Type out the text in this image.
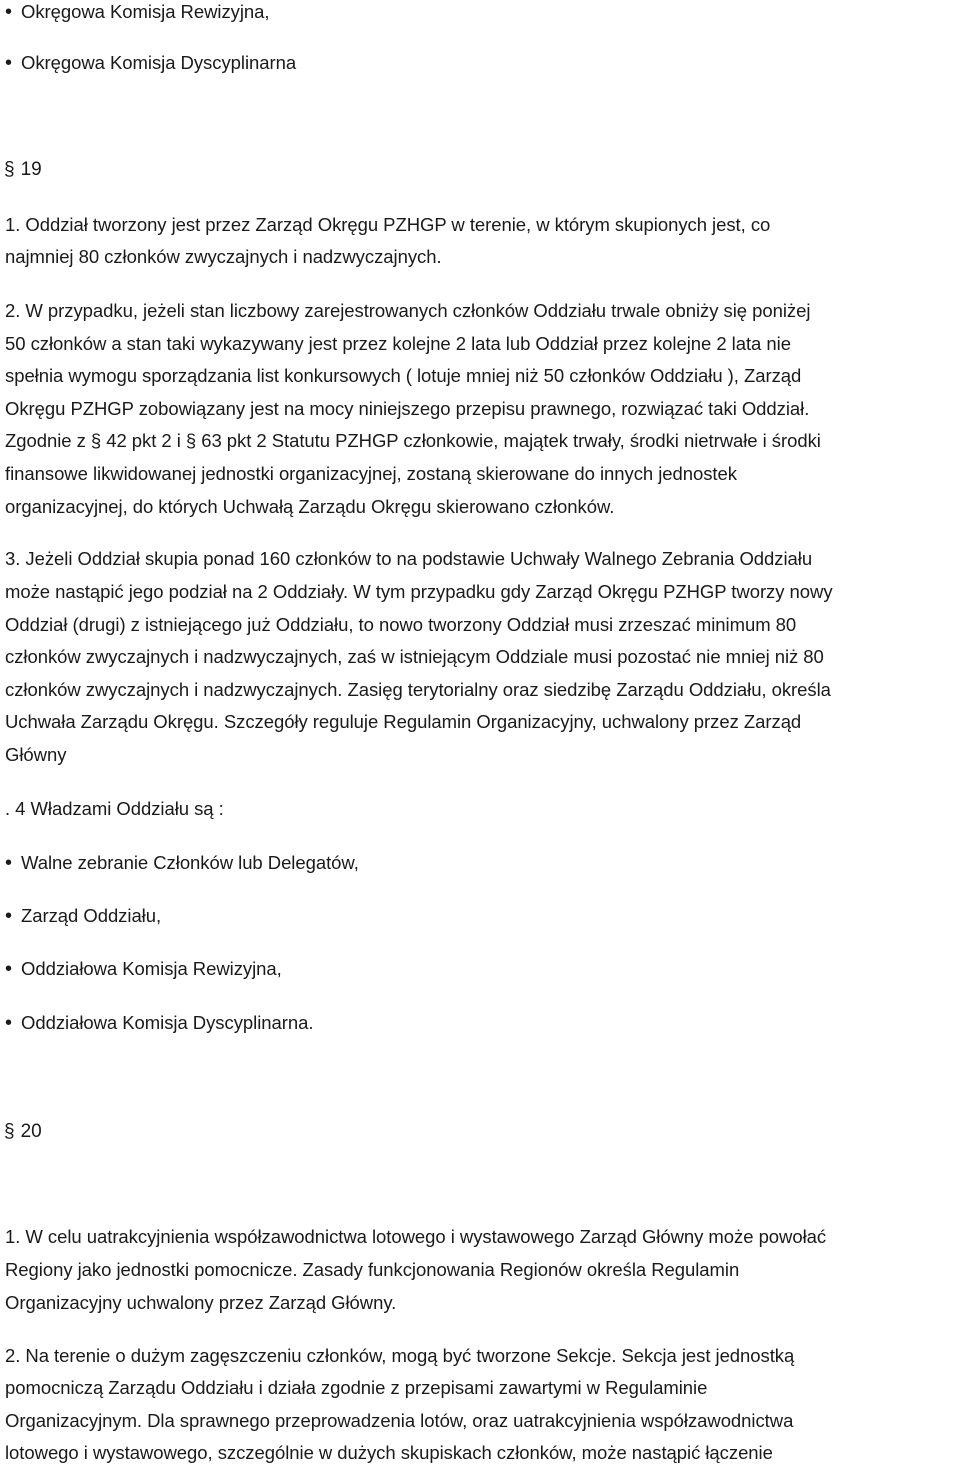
• Okręgowa Komisja Rewizyjna,
• Okręgowa Komisja Dyscyplinarna
§ 19
1. Oddział tworzony jest przez Zarząd Okręgu PZHGP w terenie, w którym skupionych jest, co
najmniej 80 członków zwyczajnych i nadzwyczajnych.
2. W przypadku, jeżeli stan liczbowy zarejestrowanych członków Oddziału trwale obniży się poniżej
50 członków a stan taki wykazywany jest przez kolejne 2 lata lub Oddział przez kolejne 2 lata nie
spełnia wymogu sporządzania list konkursowych ( lotuje mniej niż 50 członków Oddziału ), Zarząd
Okręgu PZHGP zobowiązany jest na mocy niniejszego przepisu prawnego, rozwiązać taki Oddział.
Zgodnie z § 42 pkt 2 i § 63 pkt 2 Statutu PZHGP członkowie, majątek trwały, środki nietrwałe i środki
finansowe likwidowanej jednostki organizacyjnej, zostaną skierowane do innych jednostek
organizacyjnej, do których Uchwałą Zarządu Okręgu skierowano członków.
3. Jeżeli Oddział skupia ponad 160 członków to na podstawie Uchwały Walnego Zebrania Oddziału
może nastąpić jego podział na 2 Oddziały. W tym przypadku gdy Zarząd Okręgu PZHGP tworzy nowy
Oddział (drugi) z istniejącego już Oddziału, to nowo tworzony Oddział musi zrzeszać minimum 80
członków zwyczajnych i nadzwyczajnych, zaś w istniejącym Oddziale musi pozostać nie mniej niż 80
członków zwyczajnych i nadzwyczajnych. Zasięg terytorialny oraz siedzibę Zarządu Oddziału, określa
Uchwała Zarządu Okręgu. Szczegóły reguluje Regulamin Organizacyjny, uchwalony przez Zarząd
Główny
. 4 Władzami Oddziału są :
• Walne zebranie Członków lub Delegatów,
• Zarząd Oddziału,
• Oddziałowa Komisja Rewizyjna,
• Oddziałowa Komisja Dyscyplinarna.
§ 20
1. W celu uatrakcyjnienia współzawodnictwa lotowego i wystawowego Zarząd Główny może powołać
Regiony jako jednostki pomocnicze. Zasady funkcjonowania Regionów określa Regulamin
Organizacyjny uchwalony przez Zarząd Główny.
2. Na terenie o dużym zagęszczeniu członków, mogą być tworzone Sekcje. Sekcja jest jednostką
pomocniczą Zarządu Oddziału i działa zgodnie z przepisami zawartymi w Regulaminie
Organizacyjnym. Dla sprawnego przeprowadzenia lotów, oraz uatrakcyjnienia współzawodnictwa
lotowego i wystawowego, szczególnie w dużych skupiskach członków, może nastąpić łączenie
